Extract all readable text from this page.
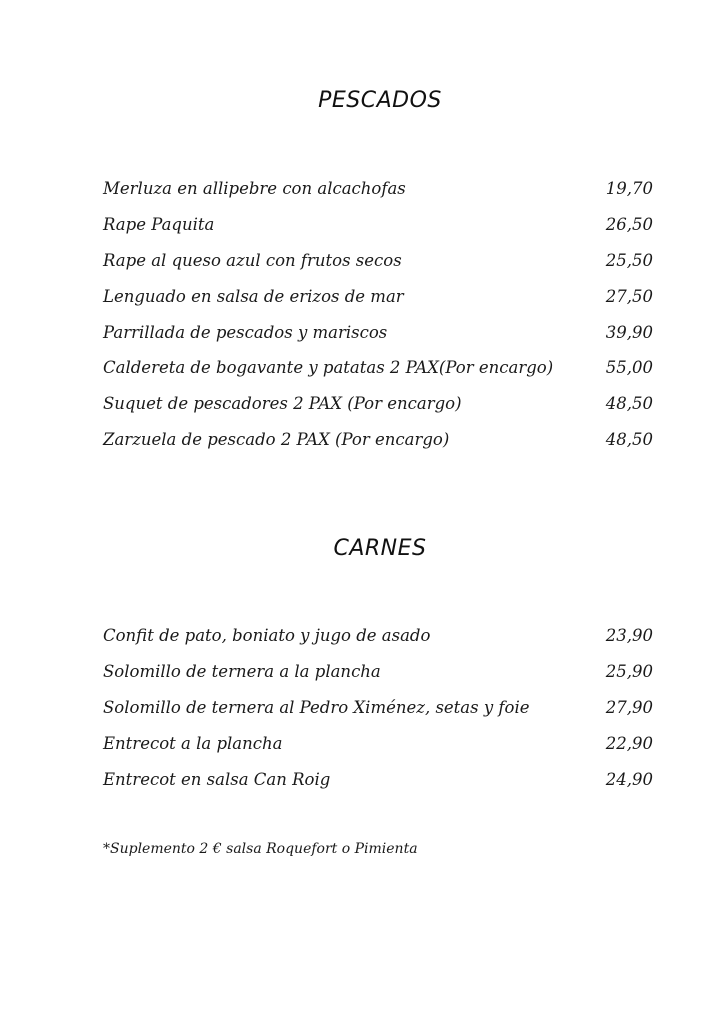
PESCADOS
Merluza en allipebre con alcachofas	19,70
Rape Paquita	26,50
Rape al queso azul con frutos secos	25,50
Lenguado en salsa de erizos de mar	27,50
Parrillada de pescados y mariscos	39,90
Caldereta de bogavante y patatas 2 PAX(Por encargo)	55,00
Suquet de pescadores 2 PAX (Por encargo)	48,50
Zarzuela de pescado 2 PAX (Por encargo)	48,50
CARNES
Confit de pato, boniato y jugo de asado	23,90
Solomillo de ternera a la plancha	25,90
Solomillo de ternera al Pedro Ximénez, setas y foie	27,90
Entrecot a la plancha	22,90
Entrecot en salsa Can Roig	24,90
*Suplemento 2 € salsa Roquefort o Pimienta
